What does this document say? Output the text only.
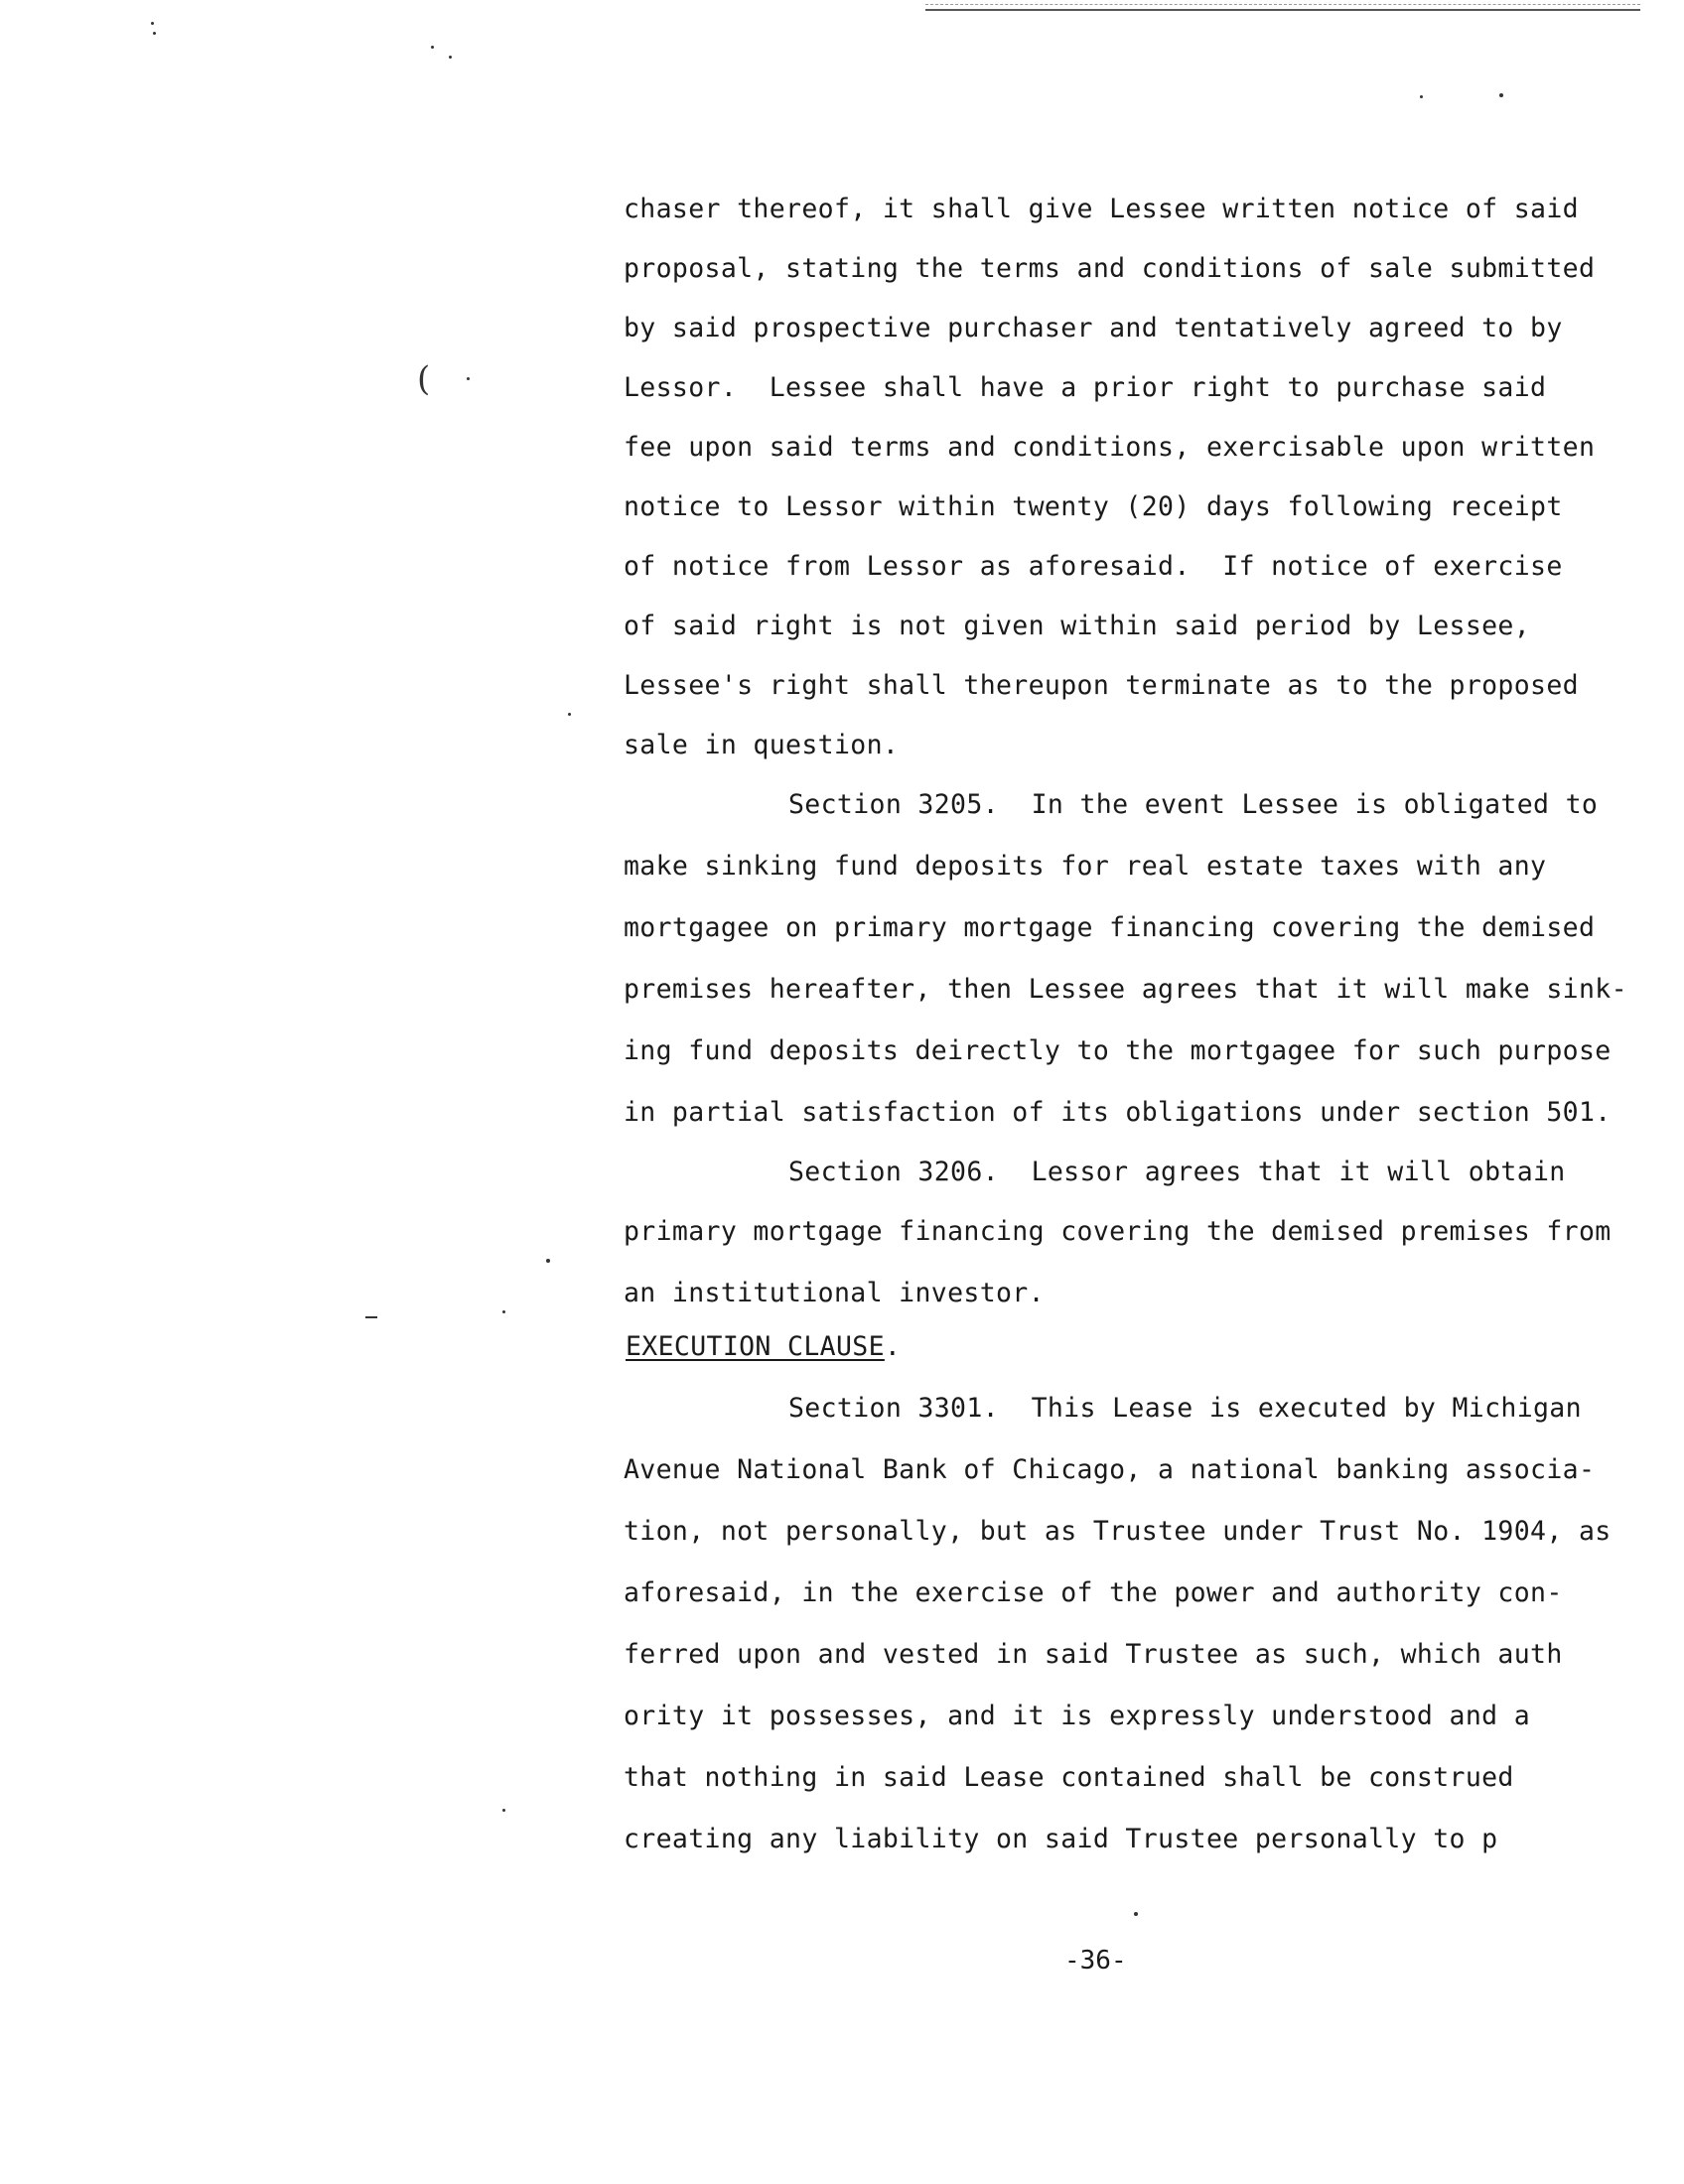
(
chaser thereof, it shall give Lessee written notice of said
proposal, stating the terms and conditions of sale submitted
by said prospective purchaser and tentatively agreed to by
Lessor.  Lessee shall have a prior right to purchase said
fee upon said terms and conditions, exercisable upon written
notice to Lessor within twenty (20) days following receipt
of notice from Lessor as aforesaid.  If notice of exercise
of said right is not given within said period by Lessee,
Lessee's right shall thereupon terminate as to the proposed
sale in question.
Section 3205.  In the event Lessee is obligated to
make sinking fund deposits for real estate taxes with any
mortgagee on primary mortgage financing covering the demised
premises hereafter, then Lessee agrees that it will make sink-
ing fund deposits deirectly to the mortgagee for such purpose
in partial satisfaction of its obligations under section 501.
Section 3206.  Lessor agrees that it will obtain
primary mortgage financing covering the demised premises from
an institutional investor.
EXECUTION CLAUSE.
Section 3301.  This Lease is executed by Michigan
Avenue National Bank of Chicago, a national banking associa-
tion, not personally, but as Trustee under Trust No. 1904, as
aforesaid, in the exercise of the power and authority con-
ferred upon and vested in said Trustee as such, which auth
ority it possesses, and it is expressly understood and a
that nothing in said Lease contained shall be construed
creating any liability on said Trustee personally to p
-36-
